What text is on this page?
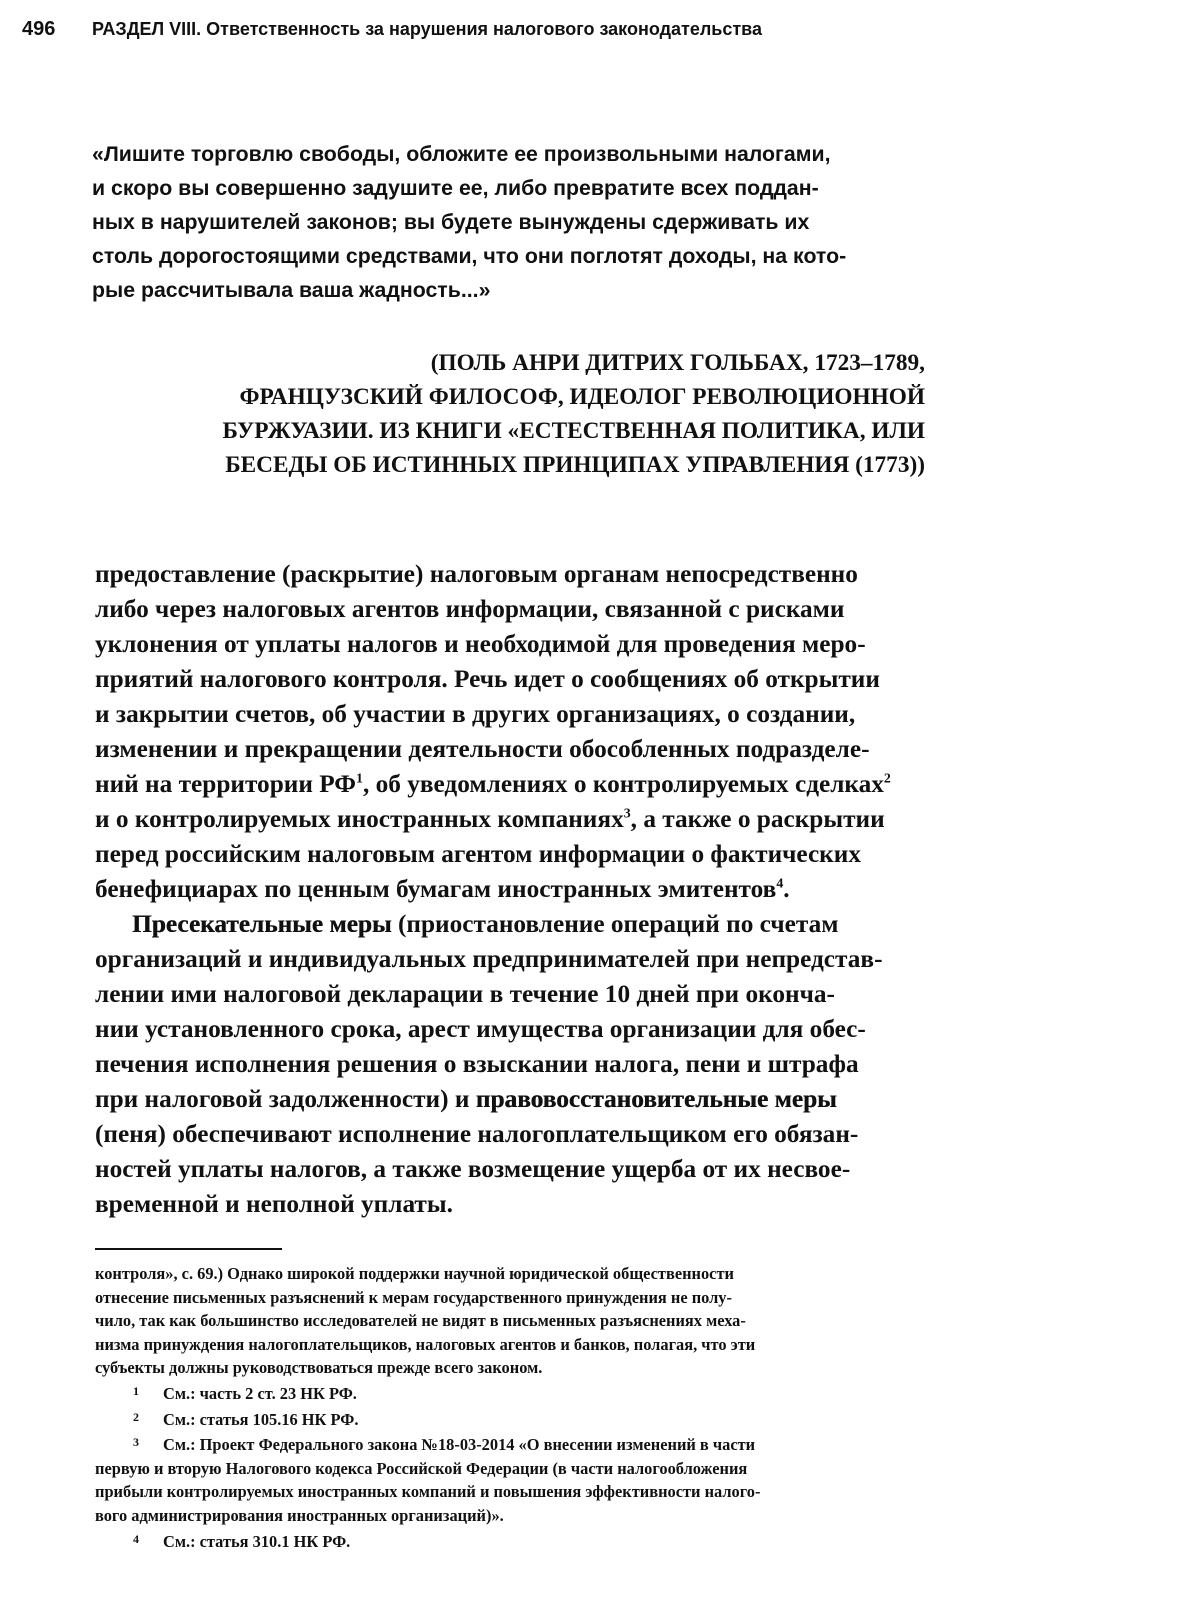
496 РАЗДЕЛ VIII. Ответственность за нарушения налогового законодательства
«Лишите торговлю свободы, обложите ее произвольными налогами,
и скоро вы совершенно задушите ее, либо превратите всех поддан-
ных в нарушителей законов; вы будете вынуждены сдерживать их
столь дорогостоящими средствами, что они поглотят доходы, на кото-
рые рассчитывала ваша жадность...»
(ПОЛЬ АНРИ ДИТРИХ ГОЛЬБАХ, 1723–1789,
ФРАНЦУЗСКИЙ ФИЛОСОФ, ИДЕОЛОГ РЕВОЛЮЦИОННОЙ
БУРЖУАЗИИ. ИЗ КНИГИ «ЕСТЕСТВЕННАЯ ПОЛИТИКА, ИЛИ
БЕСЕДЫ ОБ ИСТИННЫХ ПРИНЦИПАХ УПРАВЛЕНИЯ (1773))
предоставление (раскрытие) налоговым органам непосредственно
либо через налоговых агентов информации, связанной с рисками
уклонения от уплаты налогов и необходимой для проведения меро-
приятий налогового контроля. Речь идет о сообщениях об открытии
и закрытии счетов, об участии в других организациях, о создании,
изменении и прекращении деятельности обособленных подразделе-
ний на территории $РФ^1$, об уведомлениях о контролируемых сделках$^2$
и о контролируемых иностранных компаниях$^3$, а также о раскрытии
перед российским налоговым агентом информации о фактических
бенефициарах по ценным бумагам иностранных эмитентов$^4$.
Пресекательные меры (приостановление операций по счетам
организаций и индивидуальных предпринимателей при непредстав-
лении ими налоговой декларации в течение 10 дней при оконча-
нии установленного срока, арест имущества организации для обес-
печения исполнения решения о взыскании налога, пени и штрафа
при налоговой задолженности) и правовосстановительные меры
(пеня) обеспечивают исполнение налогоплательщиком его обязан-
ностей уплаты налогов, а также возмещение ущерба от их несвое-
временной и неполной уплаты.
контроля», с. 69.) Однако широкой поддержки научной юридической общественности
отнесение письменных разъяснений к мерам государственного принуждения не полу-
чило, так как большинство исследователей не видят в письменных разъяснениях меха-
низма принуждения налогоплательщиков, налоговых агентов и банков, полагая, что эти
субъекты должны руководствоваться прежде всего законом.
1 См.: часть 2 ст. 23 НК РФ.
2 См.: статья 105.16 НК РФ.
3 См.: Проект Федерального закона №18-03-2014 «О внесении изменений в части
первую и вторую Налогового кодекса Российской Федерации (в части налогообложения
прибыли контролируемых иностранных компаний и повышения эффективности налого-
вого администрирования иностранных организаций)».
4 См.: статья 310.1 НК РФ.
